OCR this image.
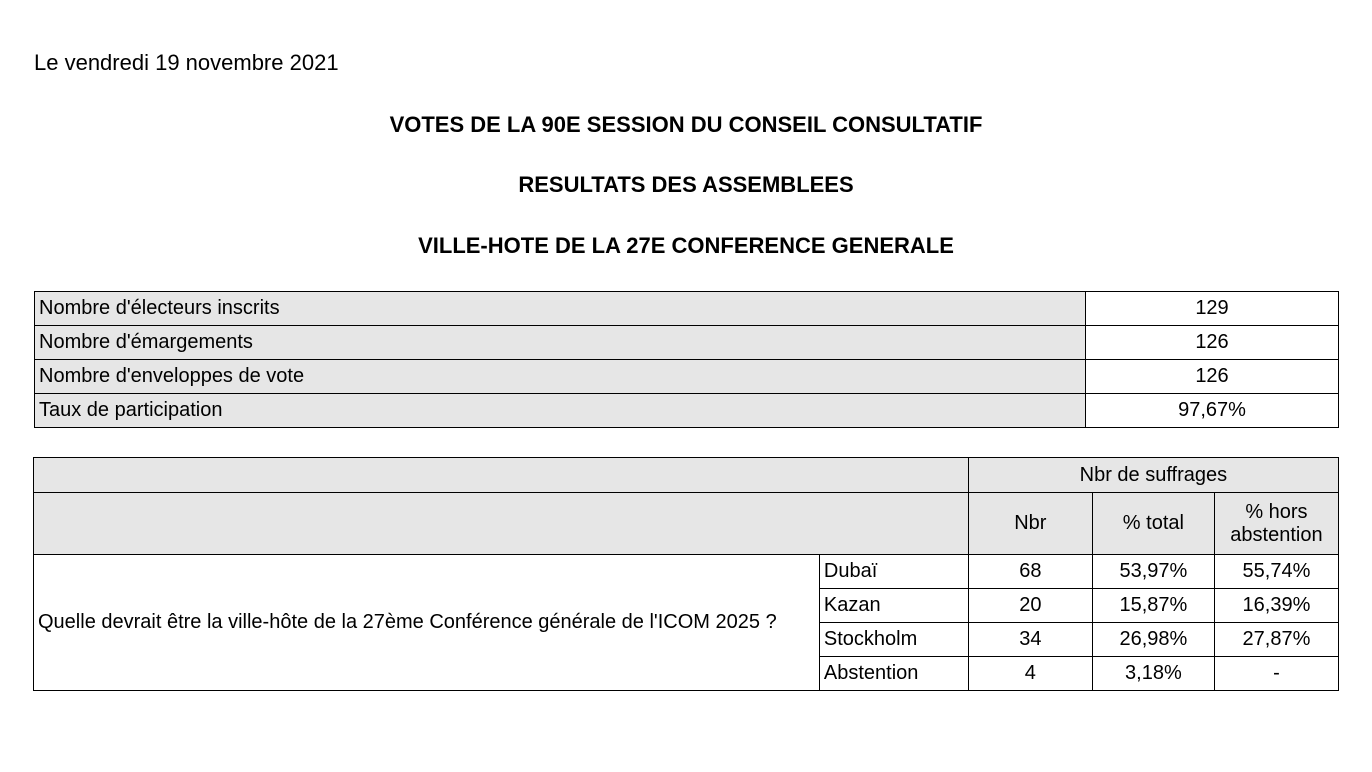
Le vendredi 19 novembre 2021
VOTES DE LA 90E SESSION DU CONSEIL CONSULTATIF
RESULTATS DES ASSEMBLEES
VILLE-HOTE DE LA 27E CONFERENCE GENERALE
Nombre d'électeurs inscrits	129
Nombre d'émargements	126
Nombre d'enveloppes de vote	126
Taux de participation	97,67%
		Nbr de suffrages		
		Nbr	% total	% hors abstention
Quelle devrait être la ville-hôte de la 27ème Conférence générale de l'ICOM 2025 ?	Dubaï	68	53,97%	55,74%
	Kazan	20	15,87%	16,39%
	Stockholm	34	26,98%	27,87%
	Abstention	4	3,18%	-
